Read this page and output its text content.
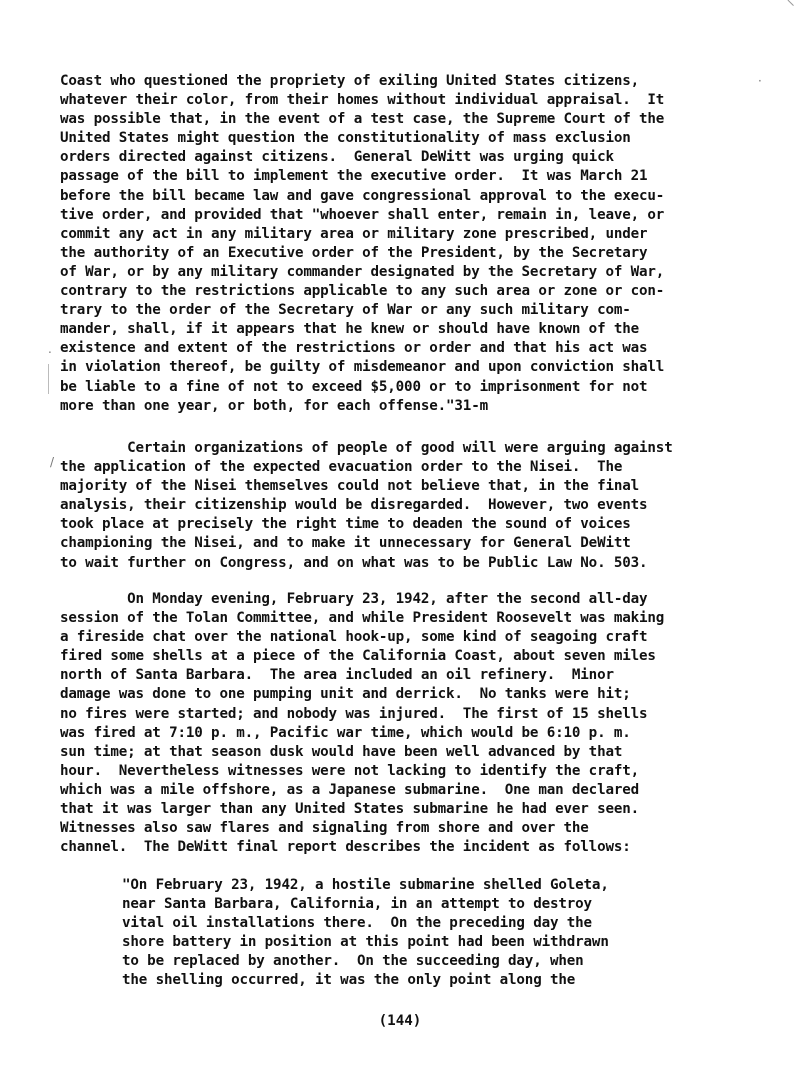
·
.
/

Coast who questioned the propriety of exiling United States citizens,
whatever their color, from their homes without individual appraisal.  It
was possible that, in the event of a test case, the Supreme Court of the
United States might question the constitutionality of mass exclusion
orders directed against citizens.  General DeWitt was urging quick
passage of the bill to implement the executive order.  It was March 21
before the bill became law and gave congressional approval to the execu-
tive order, and provided that "whoever shall enter, remain in, leave, or
commit any act in any military area or military zone prescribed, under
the authority of an Executive order of the President, by the Secretary
of War, or by any military commander designated by the Secretary of War,
contrary to the restrictions applicable to any such area or zone or con-
trary to the order of the Secretary of War or any such military com-
mander, shall, if it appears that he knew or should have known of the
existence and extent of the restrictions or order and that his act was
in violation thereof, be guilty of misdemeanor and upon conviction shall
be liable to a fine of not to exceed $5,000 or to imprisonment for not
more than one year, or both, for each offense."31-m

Certain organizations of people of good will were arguing against
the application of the expected evacuation order to the Nisei.  The
majority of the Nisei themselves could not believe that, in the final
analysis, their citizenship would be disregarded.  However, two events
took place at precisely the right time to deaden the sound of voices
championing the Nisei, and to make it unnecessary for General DeWitt
to wait further on Congress, and on what was to be Public Law No. 503.

On Monday evening, February 23, 1942, after the second all-day
session of the Tolan Committee, and while President Roosevelt was making
a fireside chat over the national hook-up, some kind of seagoing craft
fired some shells at a piece of the California Coast, about seven miles
north of Santa Barbara.  The area included an oil refinery.  Minor
damage was done to one pumping unit and derrick.  No tanks were hit;
no fires were started; and nobody was injured.  The first of 15 shells
was fired at 7:10 p. m., Pacific war time, which would be 6:10 p. m.
sun time; at that season dusk would have been well advanced by that
hour.  Nevertheless witnesses were not lacking to identify the craft,
which was a mile offshore, as a Japanese submarine.  One man declared
that it was larger than any United States submarine he had ever seen.
Witnesses also saw flares and signaling from shore and over the
channel.  The DeWitt final report describes the incident as follows:

"On February 23, 1942, a hostile submarine shelled Goleta,
near Santa Barbara, California, in an attempt to destroy
vital oil installations there.  On the preceding day the
shore battery in position at this point had been withdrawn
to be replaced by another.  On the succeeding day, when
the shelling occurred, it was the only point along the

(144)
